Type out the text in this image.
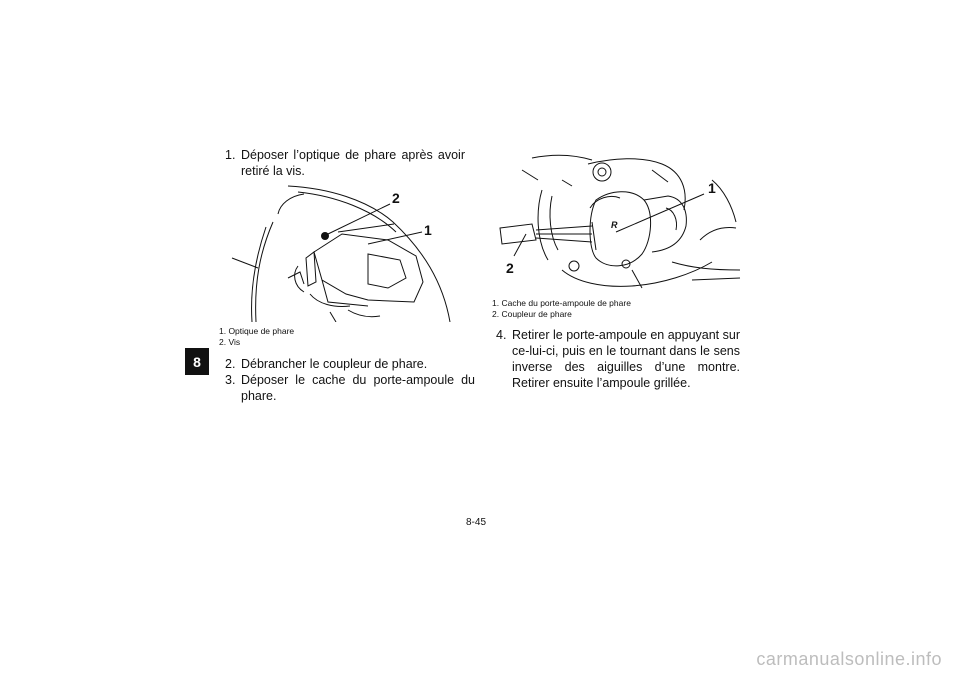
8
1. Déposer l’optique de phare après avoir retiré la vis.
2
1
1. Optique de phare
2. Vis
2. Débrancher le coupleur de phare.
3. Déposer le cache du porte-ampoule du phare.
R
1
2
1. Cache du porte-ampoule de phare
2. Coupleur de phare
4. Retirer le porte-ampoule en appuyant sur ce-lui-ci, puis en le tournant dans le sens inverse des aiguilles d’une montre. Retirer ensuite l’ampoule grillée.
8-45
carmanualsonline.info
